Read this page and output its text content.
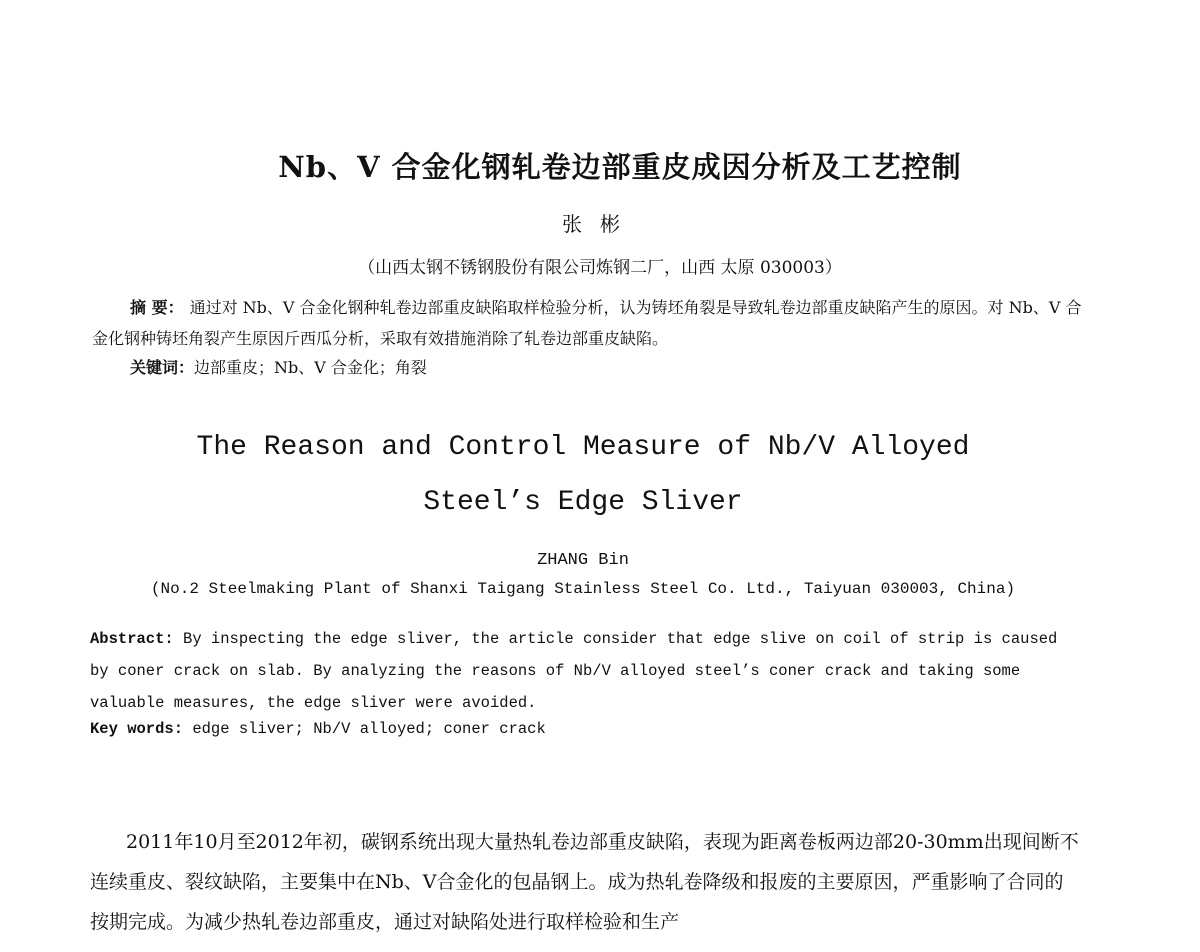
Nb、V 合金化钢轧卷边部重皮成因分析及工艺控制
张彬
（山西太钢不锈钢股份有限公司炼钢二厂，山西 太原 030003）
摘 要： 通过对 Nb、V 合金化钢种轧卷边部重皮缺陷取样检验分析，认为铸坯角裂是导致轧卷边部重皮缺陷产生的原因。对 Nb、V 合金化钢种铸坯角裂产生原因斤西瓜分析，采取有效措施消除了轧卷边部重皮缺陷。
关键词：边部重皮；Nb、V 合金化；角裂
The Reason and Control Measure of Nb/V Alloyed
Steel’s Edge Sliver
ZHANG Bin
(No.2 Steelmaking Plant of Shanxi Taigang Stainless Steel Co. Ltd., Taiyuan 030003, China)
Abstract: By inspecting the edge sliver, the article consider that edge slive on coil of strip is caused by coner crack on slab. By analyzing the reasons of Nb/V alloyed steel’s coner crack and taking some valuable measures, the edge sliver were avoided.
Key words: edge sliver; Nb/V alloyed; coner crack

2011年10月至2012年初，碳钢系统出现大量热轧卷边部重皮缺陷，表现为距离卷板两边部20-30mm出现间断不连续重皮、裂纹缺陷，主要集中在Nb、V合金化的包晶钢上。成为热轧卷降级和报废的主要原因，严重影响了合同的按期完成。为减少热轧卷边部重皮，通过对缺陷处进行取样检验和生产
